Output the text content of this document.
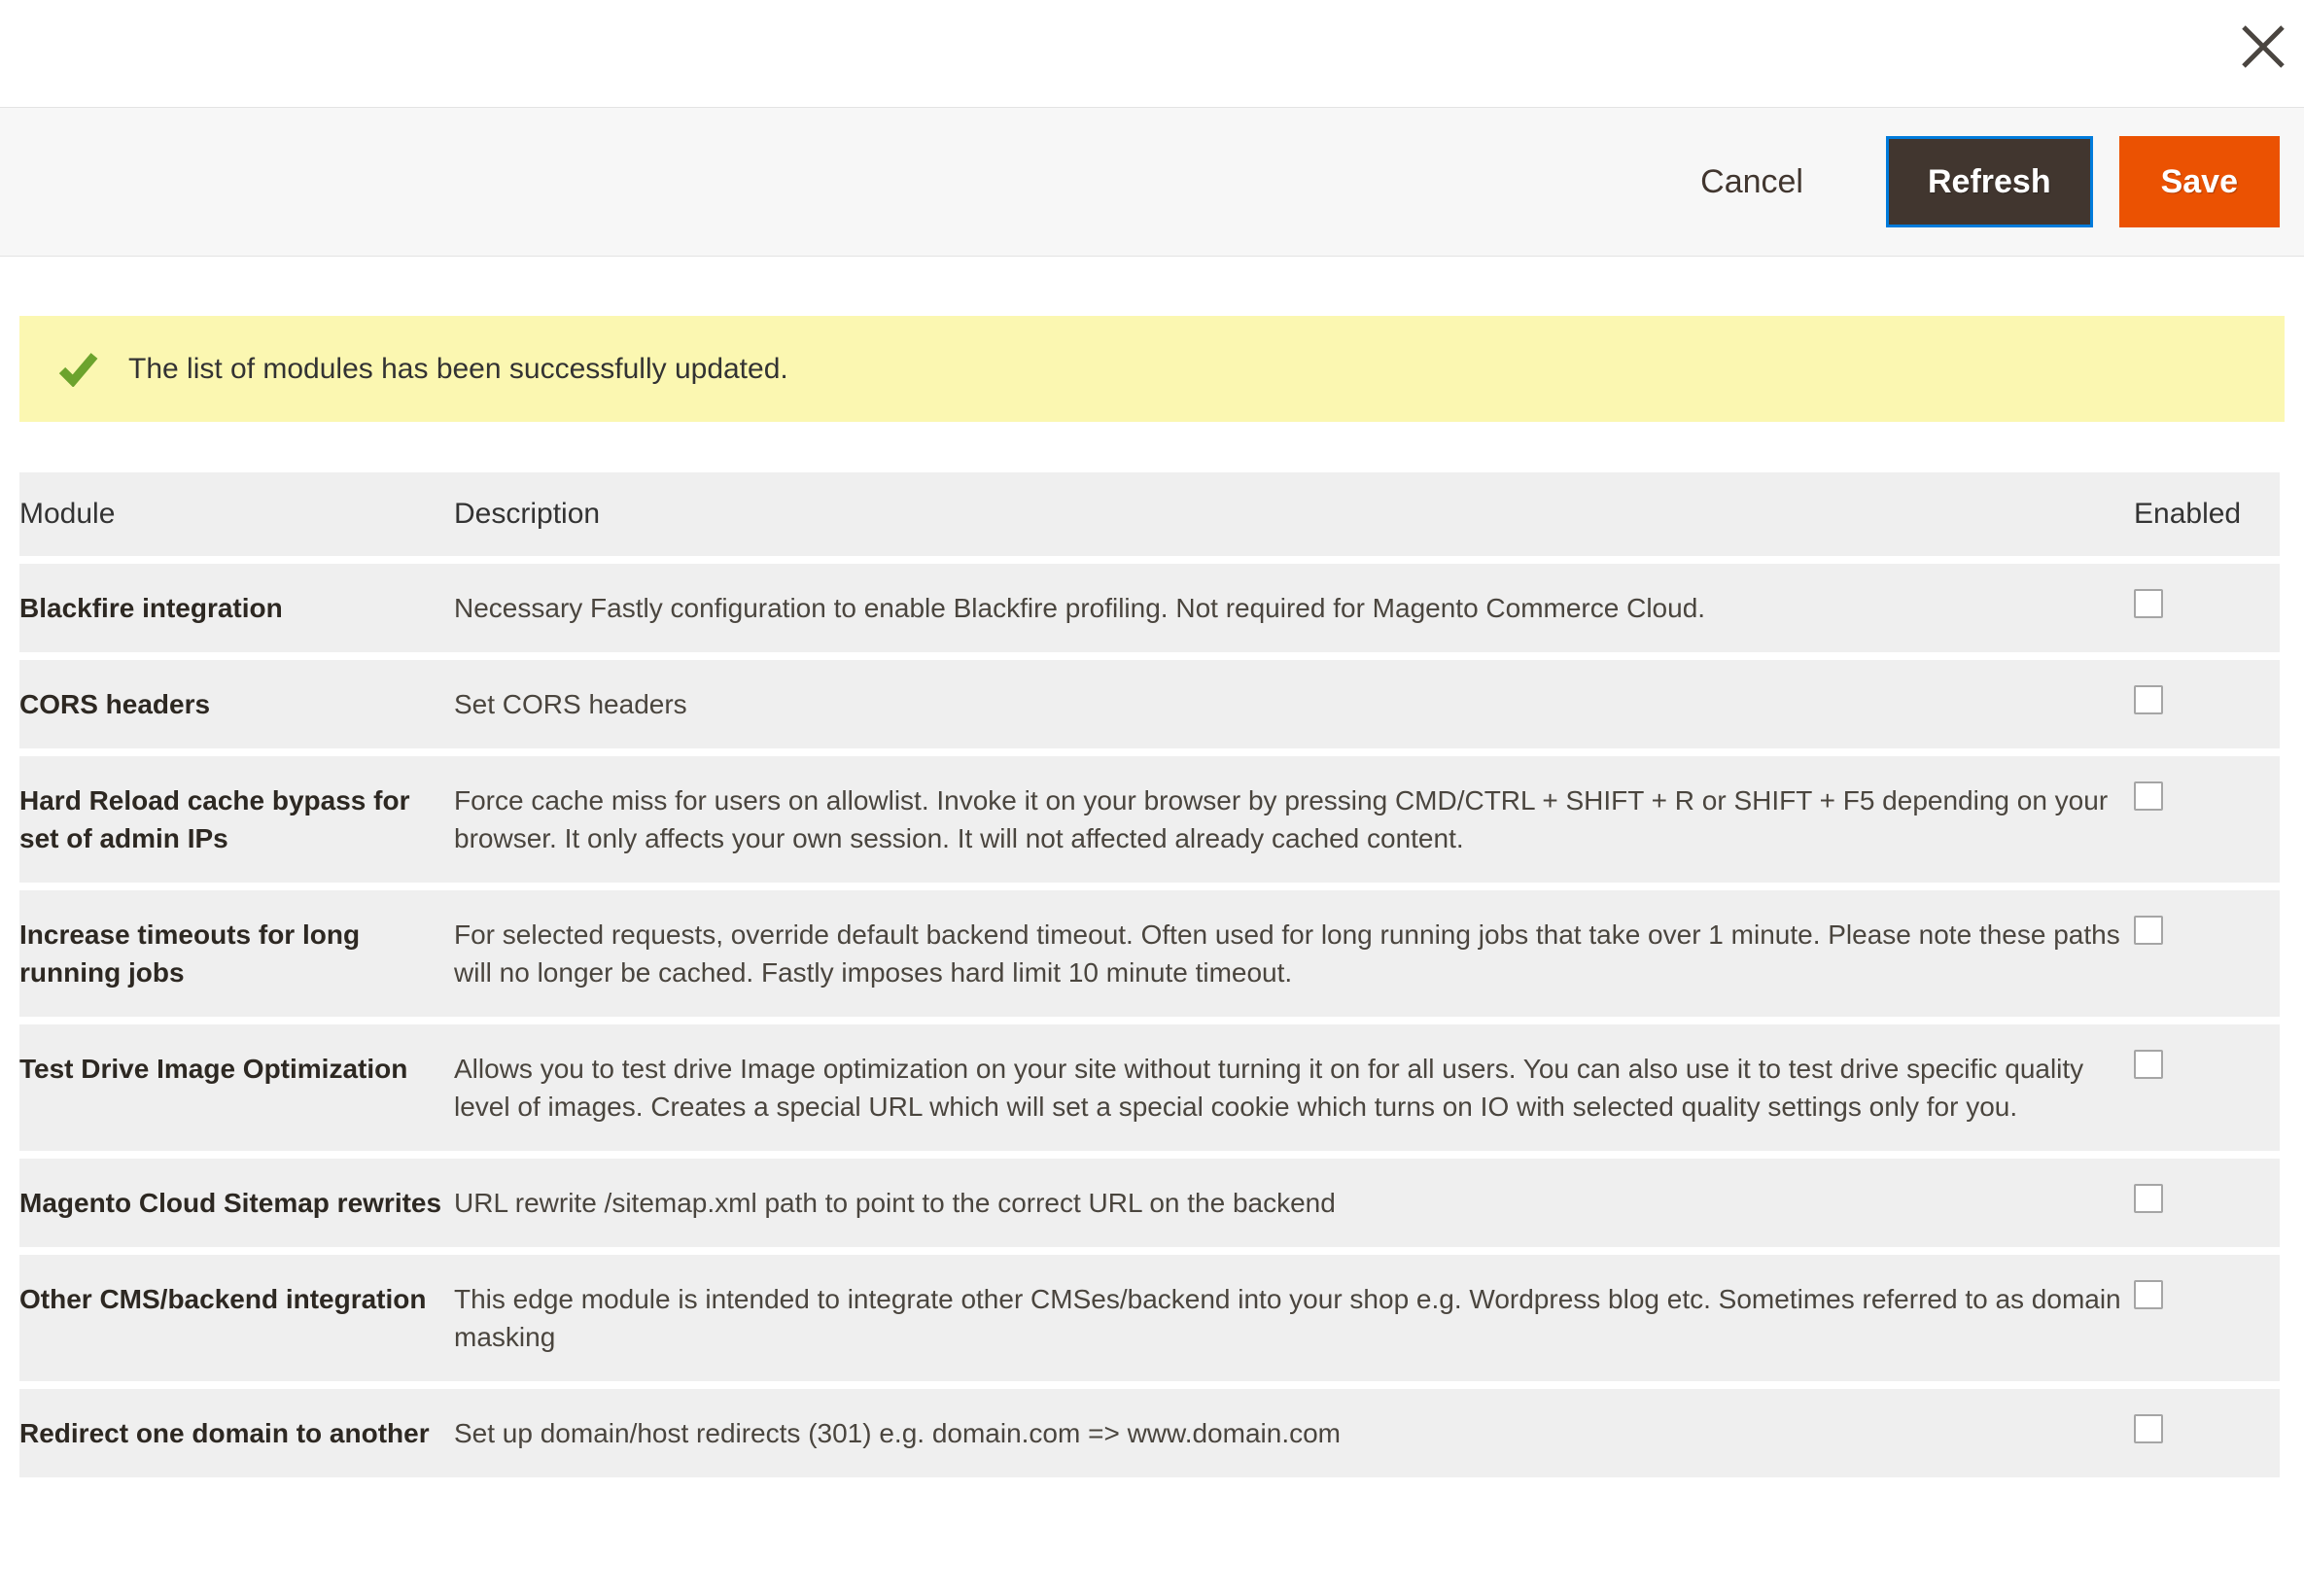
Cancel	Refresh	Save
The list of modules has been successfully updated.
Module	Description	Enabled
Blackfire integration	Necessary Fastly configuration to enable Blackfire profiling. Not required for Magento Commerce Cloud.	

CORS headers	Set CORS headers	

Hard Reload cache bypass for set of admin IPs	Force cache miss for users on allowlist. Invoke it on your browser by pressing CMD/CTRL + SHIFT + R or SHIFT + F5 depending on your browser. It only affects your own session. It will not affected already cached content.	

Increase timeouts for long running jobs	For selected requests, override default backend timeout. Often used for long running jobs that take over 1 minute. Please note these paths will no longer be cached. Fastly imposes hard limit 10 minute timeout.	

Test Drive Image Optimization	Allows you to test drive Image optimization on your site without turning it on for all users. You can also use it to test drive specific quality level of images. Creates a special URL which will set a special cookie which turns on IO with selected quality settings only for you.	

Magento Cloud Sitemap rewrites	URL rewrite /sitemap.xml path to point to the correct URL on the backend	

Other CMS/backend integration	This edge module is intended to integrate other CMSes/backend into your shop e.g. Wordpress blog etc. Sometimes referred to as domain masking	

Redirect one domain to another	Set up domain/host redirects (301) e.g. domain.com => www.domain.com	
